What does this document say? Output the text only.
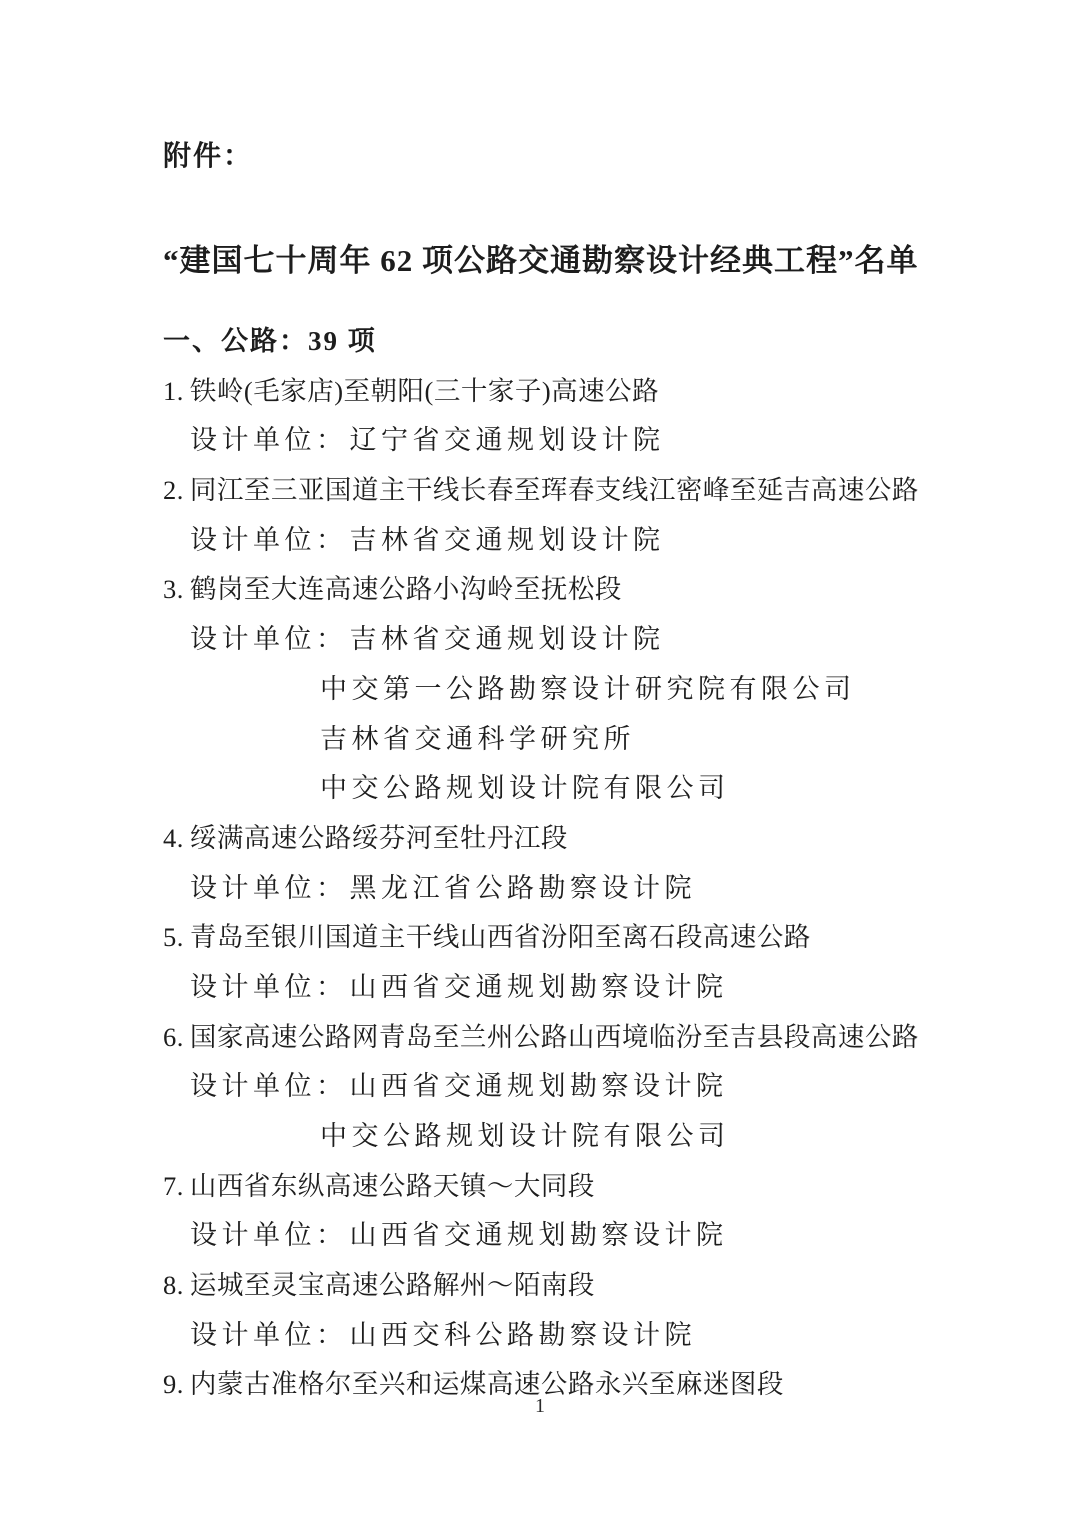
附件：
“建国七十周年 62 项公路交通勘察设计经典工程”名单
一、公路：39 项
1. 铁岭(毛家店)至朝阳(三十家子)高速公路
设计单位：辽宁省交通规划设计院
2. 同江至三亚国道主干线长春至珲春支线江密峰至延吉高速公路
设计单位：吉林省交通规划设计院
3. 鹤岗至大连高速公路小沟岭至抚松段
设计单位：吉林省交通规划设计院
中交第一公路勘察设计研究院有限公司
吉林省交通科学研究所
中交公路规划设计院有限公司
4. 绥满高速公路绥芬河至牡丹江段
设计单位：黑龙江省公路勘察设计院
5. 青岛至银川国道主干线山西省汾阳至离石段高速公路
设计单位：山西省交通规划勘察设计院
6. 国家高速公路网青岛至兰州公路山西境临汾至吉县段高速公路
设计单位：山西省交通规划勘察设计院
中交公路规划设计院有限公司
7. 山西省东纵高速公路天镇～大同段
设计单位：山西省交通规划勘察设计院
8. 运城至灵宝高速公路解州～陌南段
设计单位：山西交科公路勘察设计院
9. 内蒙古准格尔至兴和运煤高速公路永兴至麻迷图段
1
